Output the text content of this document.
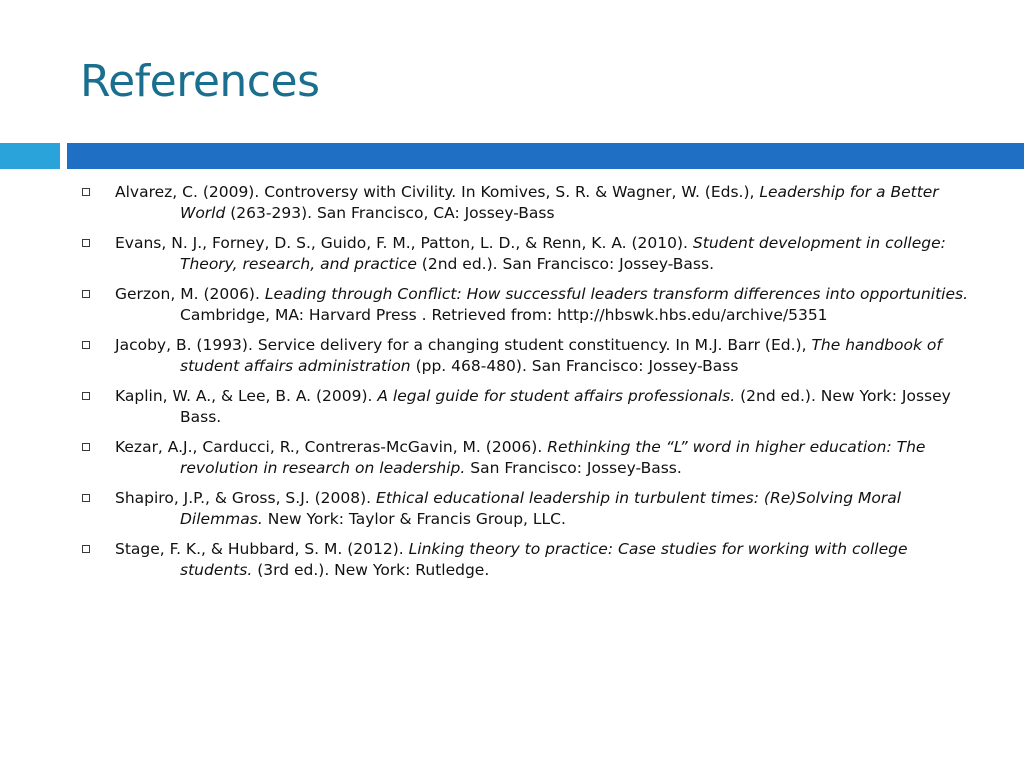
References
Alvarez, C. (2009). Controversy with Civility. In Komives, S. R. & Wagner, W. (Eds.), Leadership for a Better World (263-293). San Francisco, CA: Jossey-Bass
Evans, N. J., Forney, D. S., Guido, F. M., Patton, L. D., & Renn, K. A. (2010). Student development in college: Theory, research, and practice (2nd ed.). San Francisco: Jossey-Bass.
Gerzon, M. (2006). Leading through Conflict: How successful leaders transform differences into opportunities. Cambridge, MA: Harvard Press . Retrieved from: http://hbswk.hbs.edu/archive/5351
Jacoby, B. (1993). Service delivery for a changing student constituency. In M.J. Barr (Ed.), The handbook of student affairs administration (pp. 468-480). San Francisco: Jossey-Bass
Kaplin, W. A., & Lee, B. A. (2009). A legal guide for student affairs professionals. (2nd ed.). New York: Jossey Bass.
Kezar, A.J., Carducci, R., Contreras-McGavin, M. (2006). Rethinking the “L” word in higher education: The revolution in research on leadership. San Francisco: Jossey-Bass.
Shapiro, J.P., & Gross, S.J. (2008). Ethical educational leadership in turbulent times: (Re)Solving Moral Dilemmas. New York: Taylor & Francis Group, LLC.
Stage, F. K., & Hubbard, S. M. (2012). Linking theory to practice: Case studies for working with college students. (3rd ed.). New York: Rutledge.
